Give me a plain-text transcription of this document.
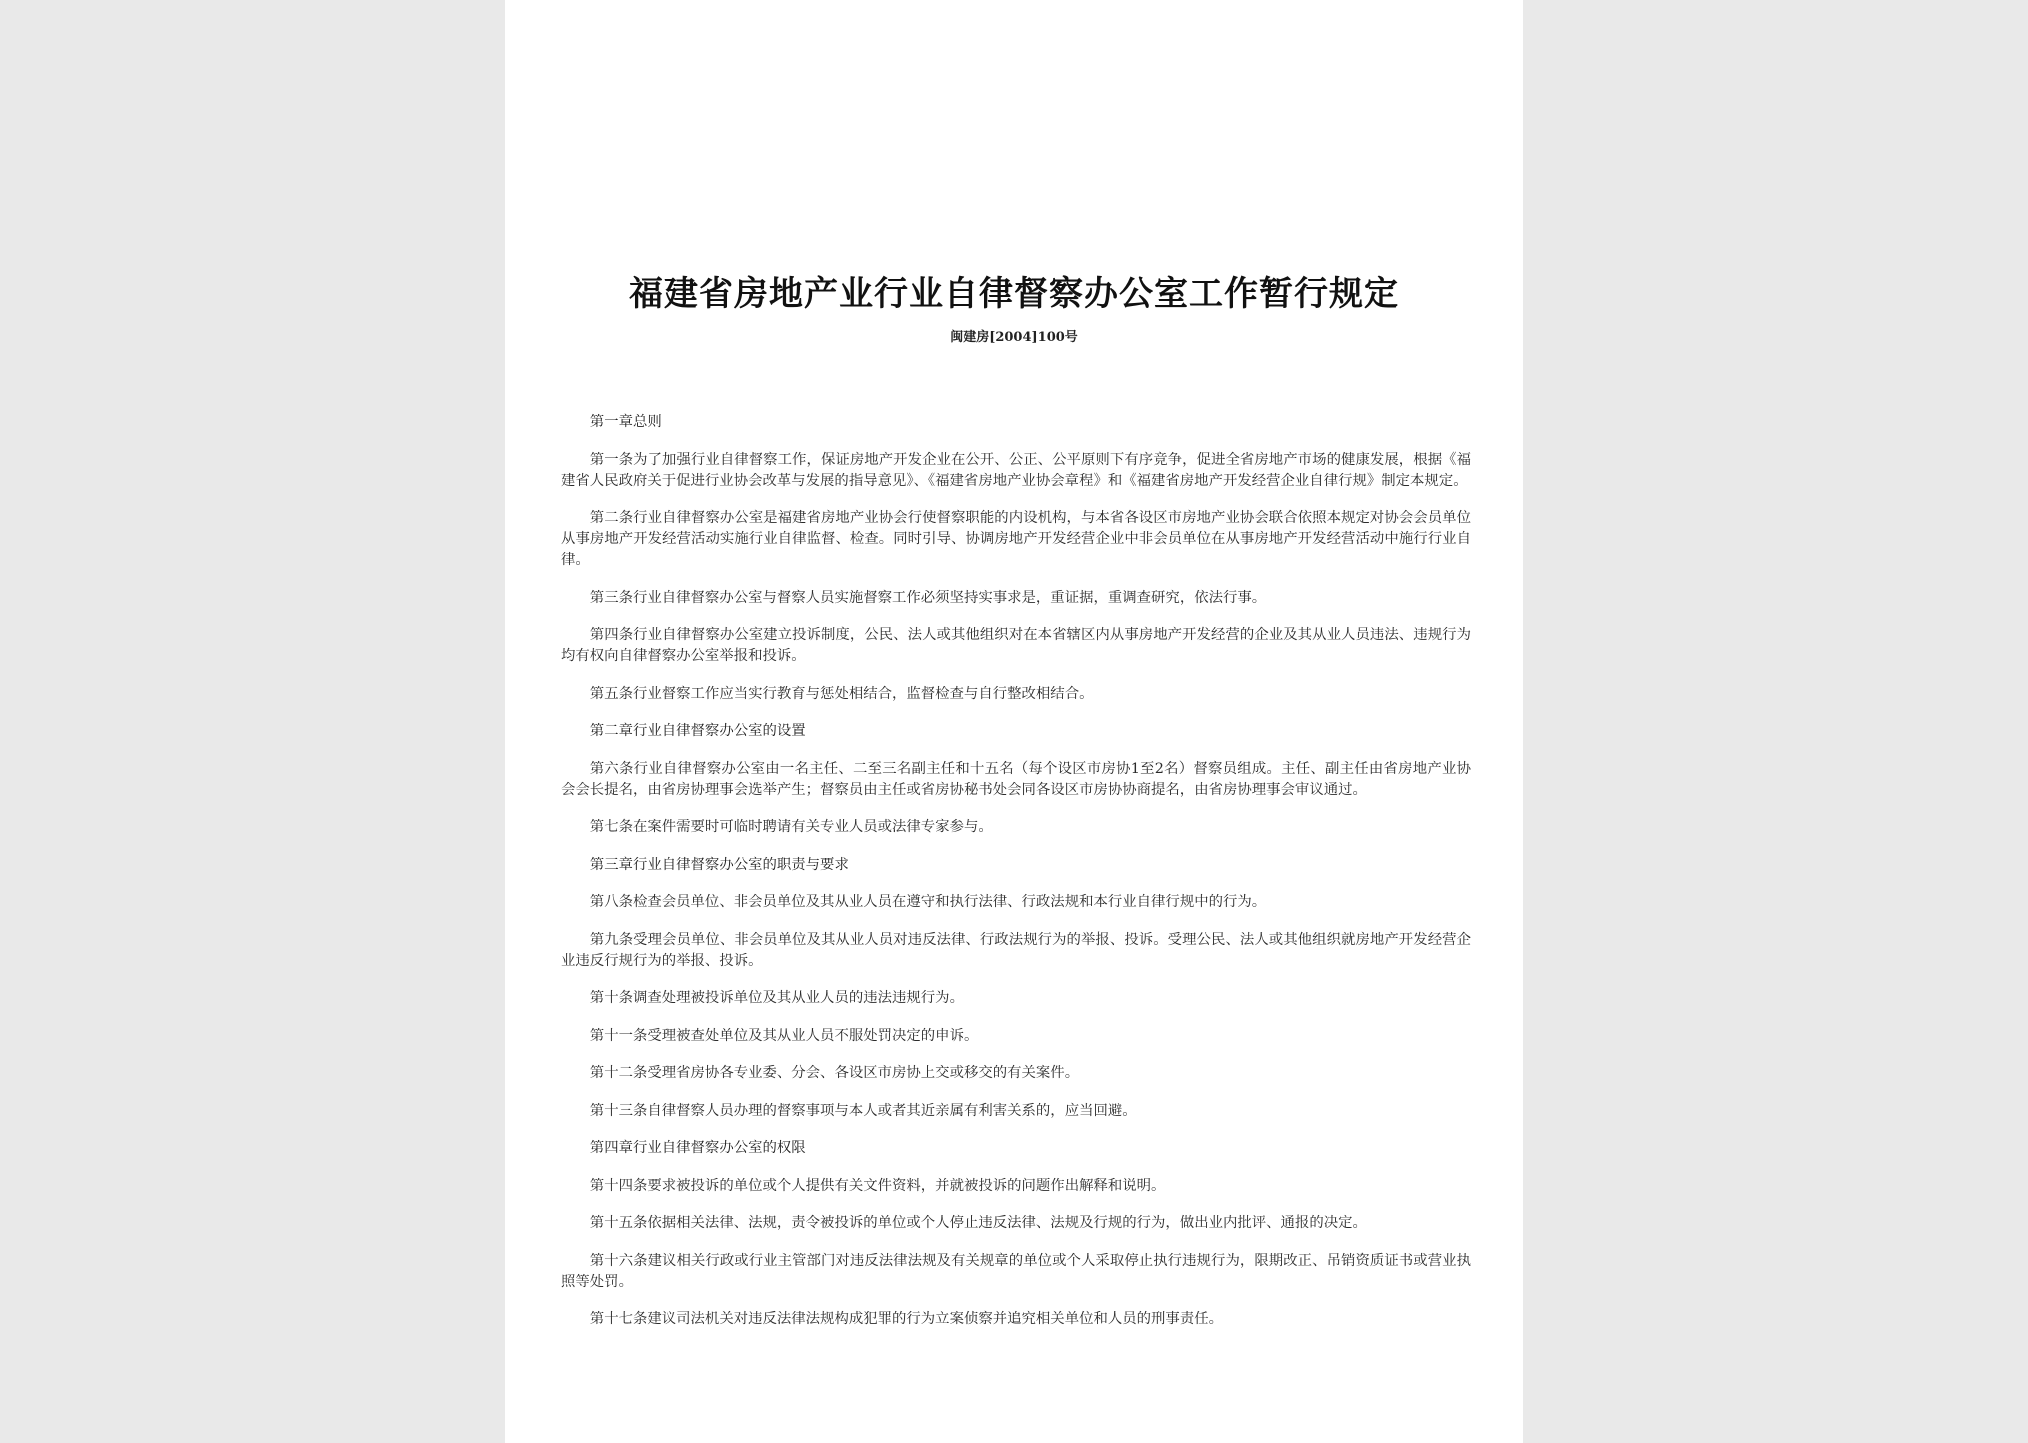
福建省房地产业行业自律督察办公室工作暂行规定

闽建房[2004]100号

第一章总则

第一条为了加强行业自律督察工作，保证房地产开发企业在公开、公正、公平原则下有序竞争，促进全省房地产市场的健康发展，根据《福建省人民政府关于促进行业协会改革与发展的指导意见》、《福建省房地产业协会章程》和《福建省房地产开发经营企业自律行规》制定本规定。

第二条行业自律督察办公室是福建省房地产业协会行使督察职能的内设机构，与本省各设区市房地产业协会联合依照本规定对协会会员单位从事房地产开发经营活动实施行业自律监督、检查。同时引导、协调房地产开发经营企业中非会员单位在从事房地产开发经营活动中施行行业自律。

第三条行业自律督察办公室与督察人员实施督察工作必须坚持实事求是，重证据，重调查研究，依法行事。

第四条行业自律督察办公室建立投诉制度，公民、法人或其他组织对在本省辖区内从事房地产开发经营的企业及其从业人员违法、违规行为均有权向自律督察办公室举报和投诉。

第五条行业督察工作应当实行教育与惩处相结合，监督检查与自行整改相结合。

第二章行业自律督察办公室的设置

第六条行业自律督察办公室由一名主任、二至三名副主任和十五名（每个设区市房协1至2名）督察员组成。主任、副主任由省房地产业协会会长提名，由省房协理事会选举产生；督察员由主任或省房协秘书处会同各设区市房协协商提名，由省房协理事会审议通过。

第七条在案件需要时可临时聘请有关专业人员或法律专家参与。

第三章行业自律督察办公室的职责与要求

第八条检查会员单位、非会员单位及其从业人员在遵守和执行法律、行政法规和本行业自律行规中的行为。

第九条受理会员单位、非会员单位及其从业人员对违反法律、行政法规行为的举报、投诉。受理公民、法人或其他组织就房地产开发经营企业违反行规行为的举报、投诉。

第十条调查处理被投诉单位及其从业人员的违法违规行为。

第十一条受理被查处单位及其从业人员不服处罚决定的申诉。

第十二条受理省房协各专业委、分会、各设区市房协上交或移交的有关案件。

第十三条自律督察人员办理的督察事项与本人或者其近亲属有利害关系的，应当回避。

第四章行业自律督察办公室的权限

第十四条要求被投诉的单位或个人提供有关文件资料，并就被投诉的问题作出解释和说明。

第十五条依据相关法律、法规，责令被投诉的单位或个人停止违反法律、法规及行规的行为，做出业内批评、通报的决定。

第十六条建议相关行政或行业主管部门对违反法律法规及有关规章的单位或个人采取停止执行违规行为，限期改正、吊销资质证书或营业执照等处罚。

第十七条建议司法机关对违反法律法规构成犯罪的行为立案侦察并追究相关单位和人员的刑事责任。
